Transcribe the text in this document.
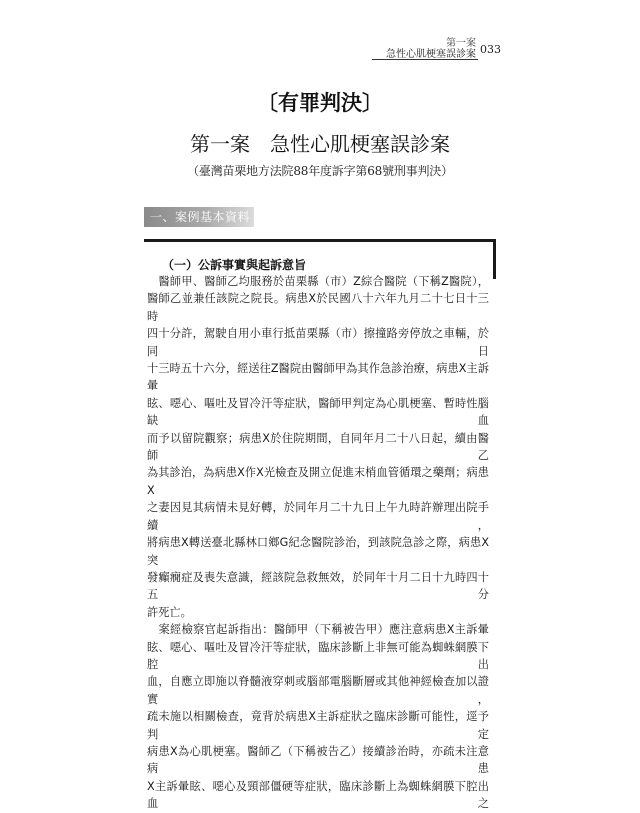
第一案
急性心肌梗塞誤診案 033
〔有罪判決〕
第一案　急性心肌梗塞誤診案
（臺灣苗栗地方法院88年度訴字第68號刑事判決）
一、案例基本資料
（一）公訴事實與起訴意旨

　醫師甲、醫師乙均服務於苗栗縣（市）Z綜合醫院（下稱Z醫院），

醫師乙並兼任該院之院長。病患X於民國八十六年九月二十七日十三時

四十分許，駕駛自用小車行抵苗栗縣（市）擦撞路旁停放之車輛，於同日

十三時五十六分，經送往Z醫院由醫師甲為其作急診治療，病患X主訴暈

眩、噁心、嘔吐及冒冷汗等症狀，醫師甲判定為心肌梗塞、暫時性腦缺血

而予以留院觀察；病患X於住院期間，自同年月二十八日起，續由醫師乙

為其診治，為病患X作X光檢查及開立促進末梢血管循環之藥劑；病患X

之妻因見其病情未見好轉，於同年月二十九日上午九時許辦理出院手續，

將病患X轉送臺北縣林口鄉G紀念醫院診治，到該院急診之際，病患X突

發癲癇症及喪失意識，經該院急救無效，於同年十月二日十九時四十五分

許死亡。

　案經檢察官起訴指出：醫師甲（下稱被告甲）應注意病患X主訴暈

眩、噁心、嘔吐及冒冷汗等症狀，臨床診斷上非無可能為蜘蛛網膜下腔出

血，自應立即施以脊髓液穿刺或腦部電腦斷層或其他神經檢查加以證實，

疏未施以相關檢查，竟背於病患X主訴症狀之臨床診斷可能性，逕予判定

病患X為心肌梗塞。醫師乙（下稱被告乙）接續診治時，亦疏未注意病患

X主訴暈眩、噁心及頸部僵硬等症狀，臨床診斷上為蜘蛛網膜下腔出血之
